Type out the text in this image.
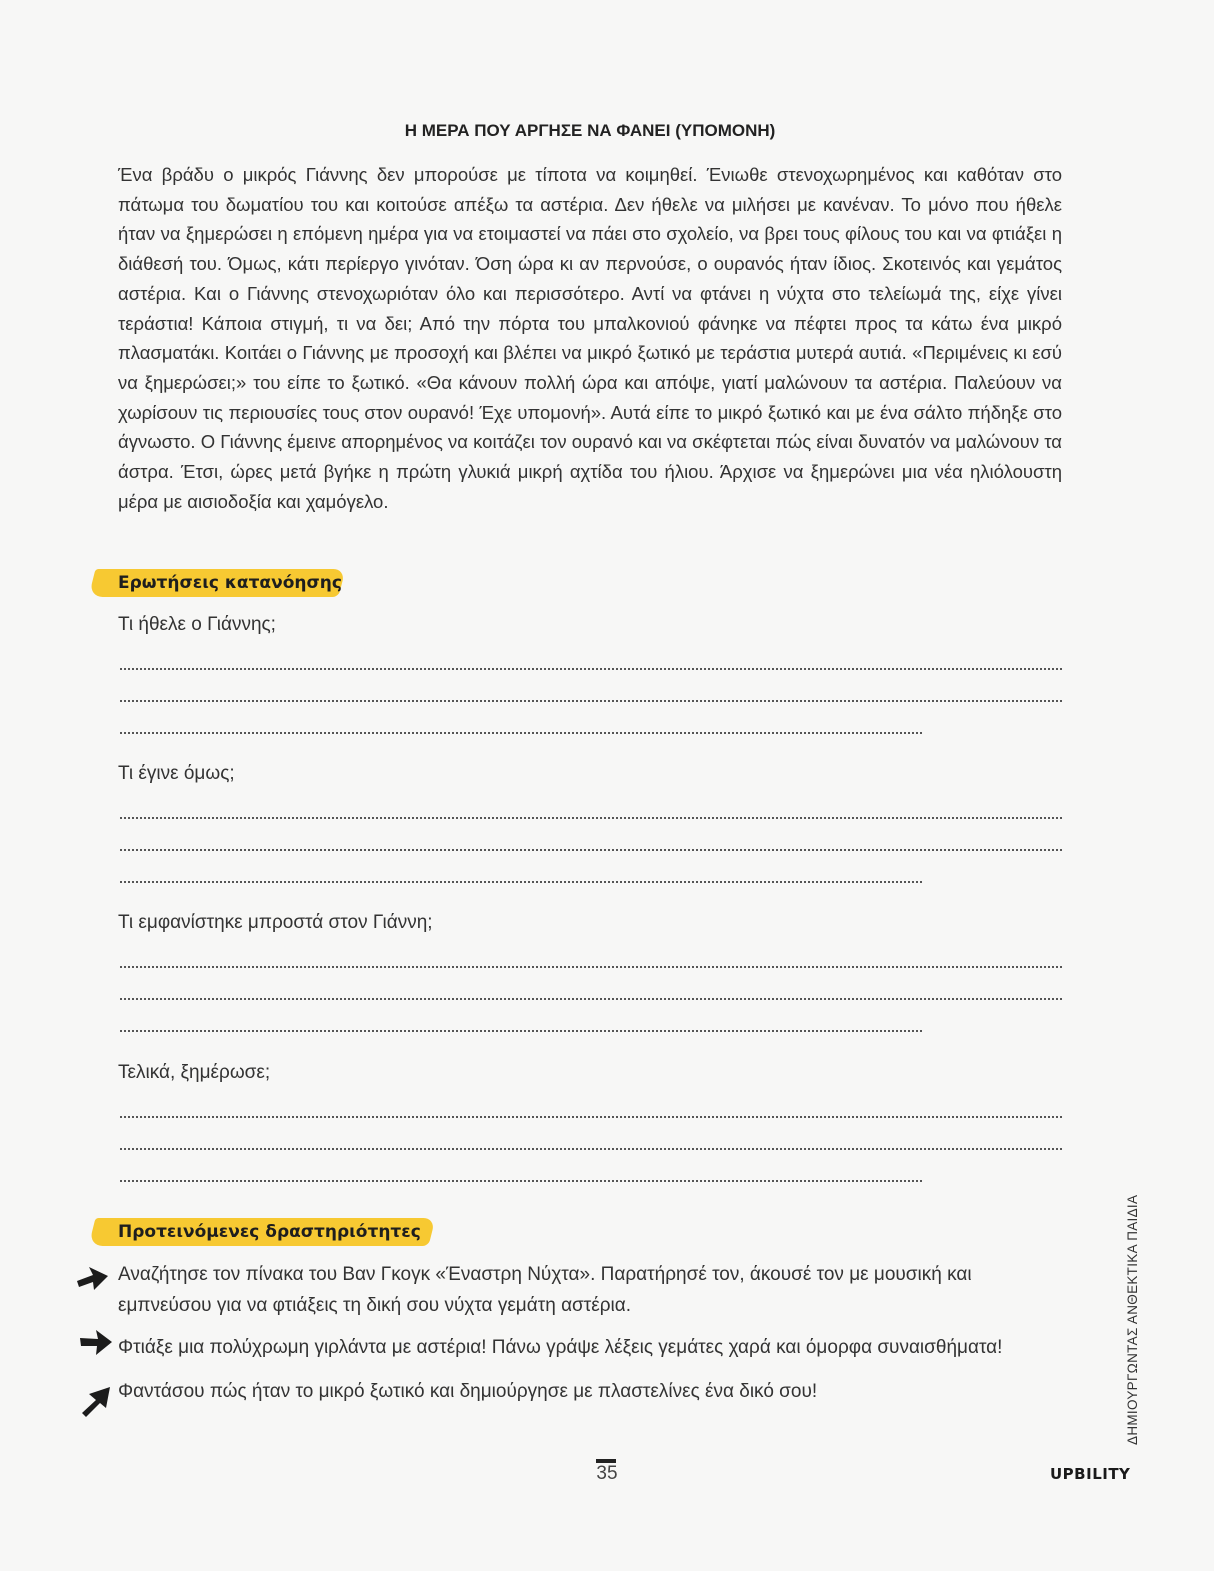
Η ΜΕΡΑ ΠΟΥ ΑΡΓΗΣΕ ΝΑ ΦΑΝΕΙ (ΥΠΟΜΟΝΗ)

Ένα βράδυ ο μικρός Γιάννης δεν μπορούσε με τίποτα να κοιμηθεί. Ένιωθε στενοχωρημένος και καθόταν στο πάτωμα του δωματίου του και κοιτούσε απέξω τα αστέρια. Δεν ήθελε να μιλήσει με κανέναν. Το μόνο που ήθελε ήταν να ξημερώσει η επόμενη ημέρα για να ετοιμαστεί να πάει στο σχολείο, να βρει τους φίλους του και να φτιάξει η διάθεσή του. Όμως, κάτι περίεργο γινόταν. Όση ώρα κι αν περνούσε, ο ουρανός ήταν ίδιος. Σκοτεινός και γεμάτος αστέρια. Και ο Γιάννης στενοχωριόταν όλο και περισσότερο. Αντί να φτάνει η νύχτα στο τελείωμά της, είχε γίνει τεράστια! Κάποια στιγμή, τι να δει; Από την πόρτα του μπαλκονιού φάνηκε να πέφτει προς τα κάτω ένα μικρό πλασματάκι. Κοιτάει ο Γιάννης με προσοχή και βλέπει να μικρό ξωτικό με τεράστια μυτερά αυτιά. «Περιμένεις κι εσύ να ξημερώσει;» του είπε το ξωτικό. «Θα κάνουν πολλή ώρα και απόψε, γιατί μαλώνουν τα αστέρια. Παλεύουν να χωρίσουν τις περιουσίες τους στον ουρανό! Έχε υπομονή». Αυτά είπε το μικρό ξωτικό και με ένα σάλτο πήδηξε στο άγνωστο. Ο Γιάννης έμεινε απορημένος να κοιτάζει τον ουρανό και να σκέφτεται πώς είναι δυνατόν να μαλώνουν τα άστρα. Έτσι, ώρες μετά βγήκε η πρώτη γλυκιά μικρή αχτίδα του ήλιου. Άρχισε να ξημερώνει μια νέα ηλιόλουστη μέρα με αισιοδοξία και χαμόγελο.

Ερωτήσεις κατανόησης
Τι ήθελε ο Γιάννης;
Τι έγινε όμως;
Τι εμφανίστηκε μπροστά στον Γιάννη;
Τελικά, ξημέρωσε;
Προτεινόμενες δραστηριότητες
Αναζήτησε τον πίνακα του Βαν Γκογκ «Έναστρη Νύχτα». Παρατήρησέ τον, άκουσέ τον με μουσική και εμπνεύσου για να φτιάξεις τη δική σου νύχτα γεμάτη αστέρια.
Φτιάξε μια πολύχρωμη γιρλάντα με αστέρια! Πάνω γράψε λέξεις γεμάτες χαρά και όμορφα συναισθήματα!
Φαντάσου πώς ήταν το μικρό ξωτικό και δημιούργησε με πλαστελίνες ένα δικό σου!
35	UPBILITY
ΔΗΜΙΟΥΡΓΩΝΤΑΣ ΑΝΘΕΚΤΙΚΑ ΠΑΙΔΙΑ
